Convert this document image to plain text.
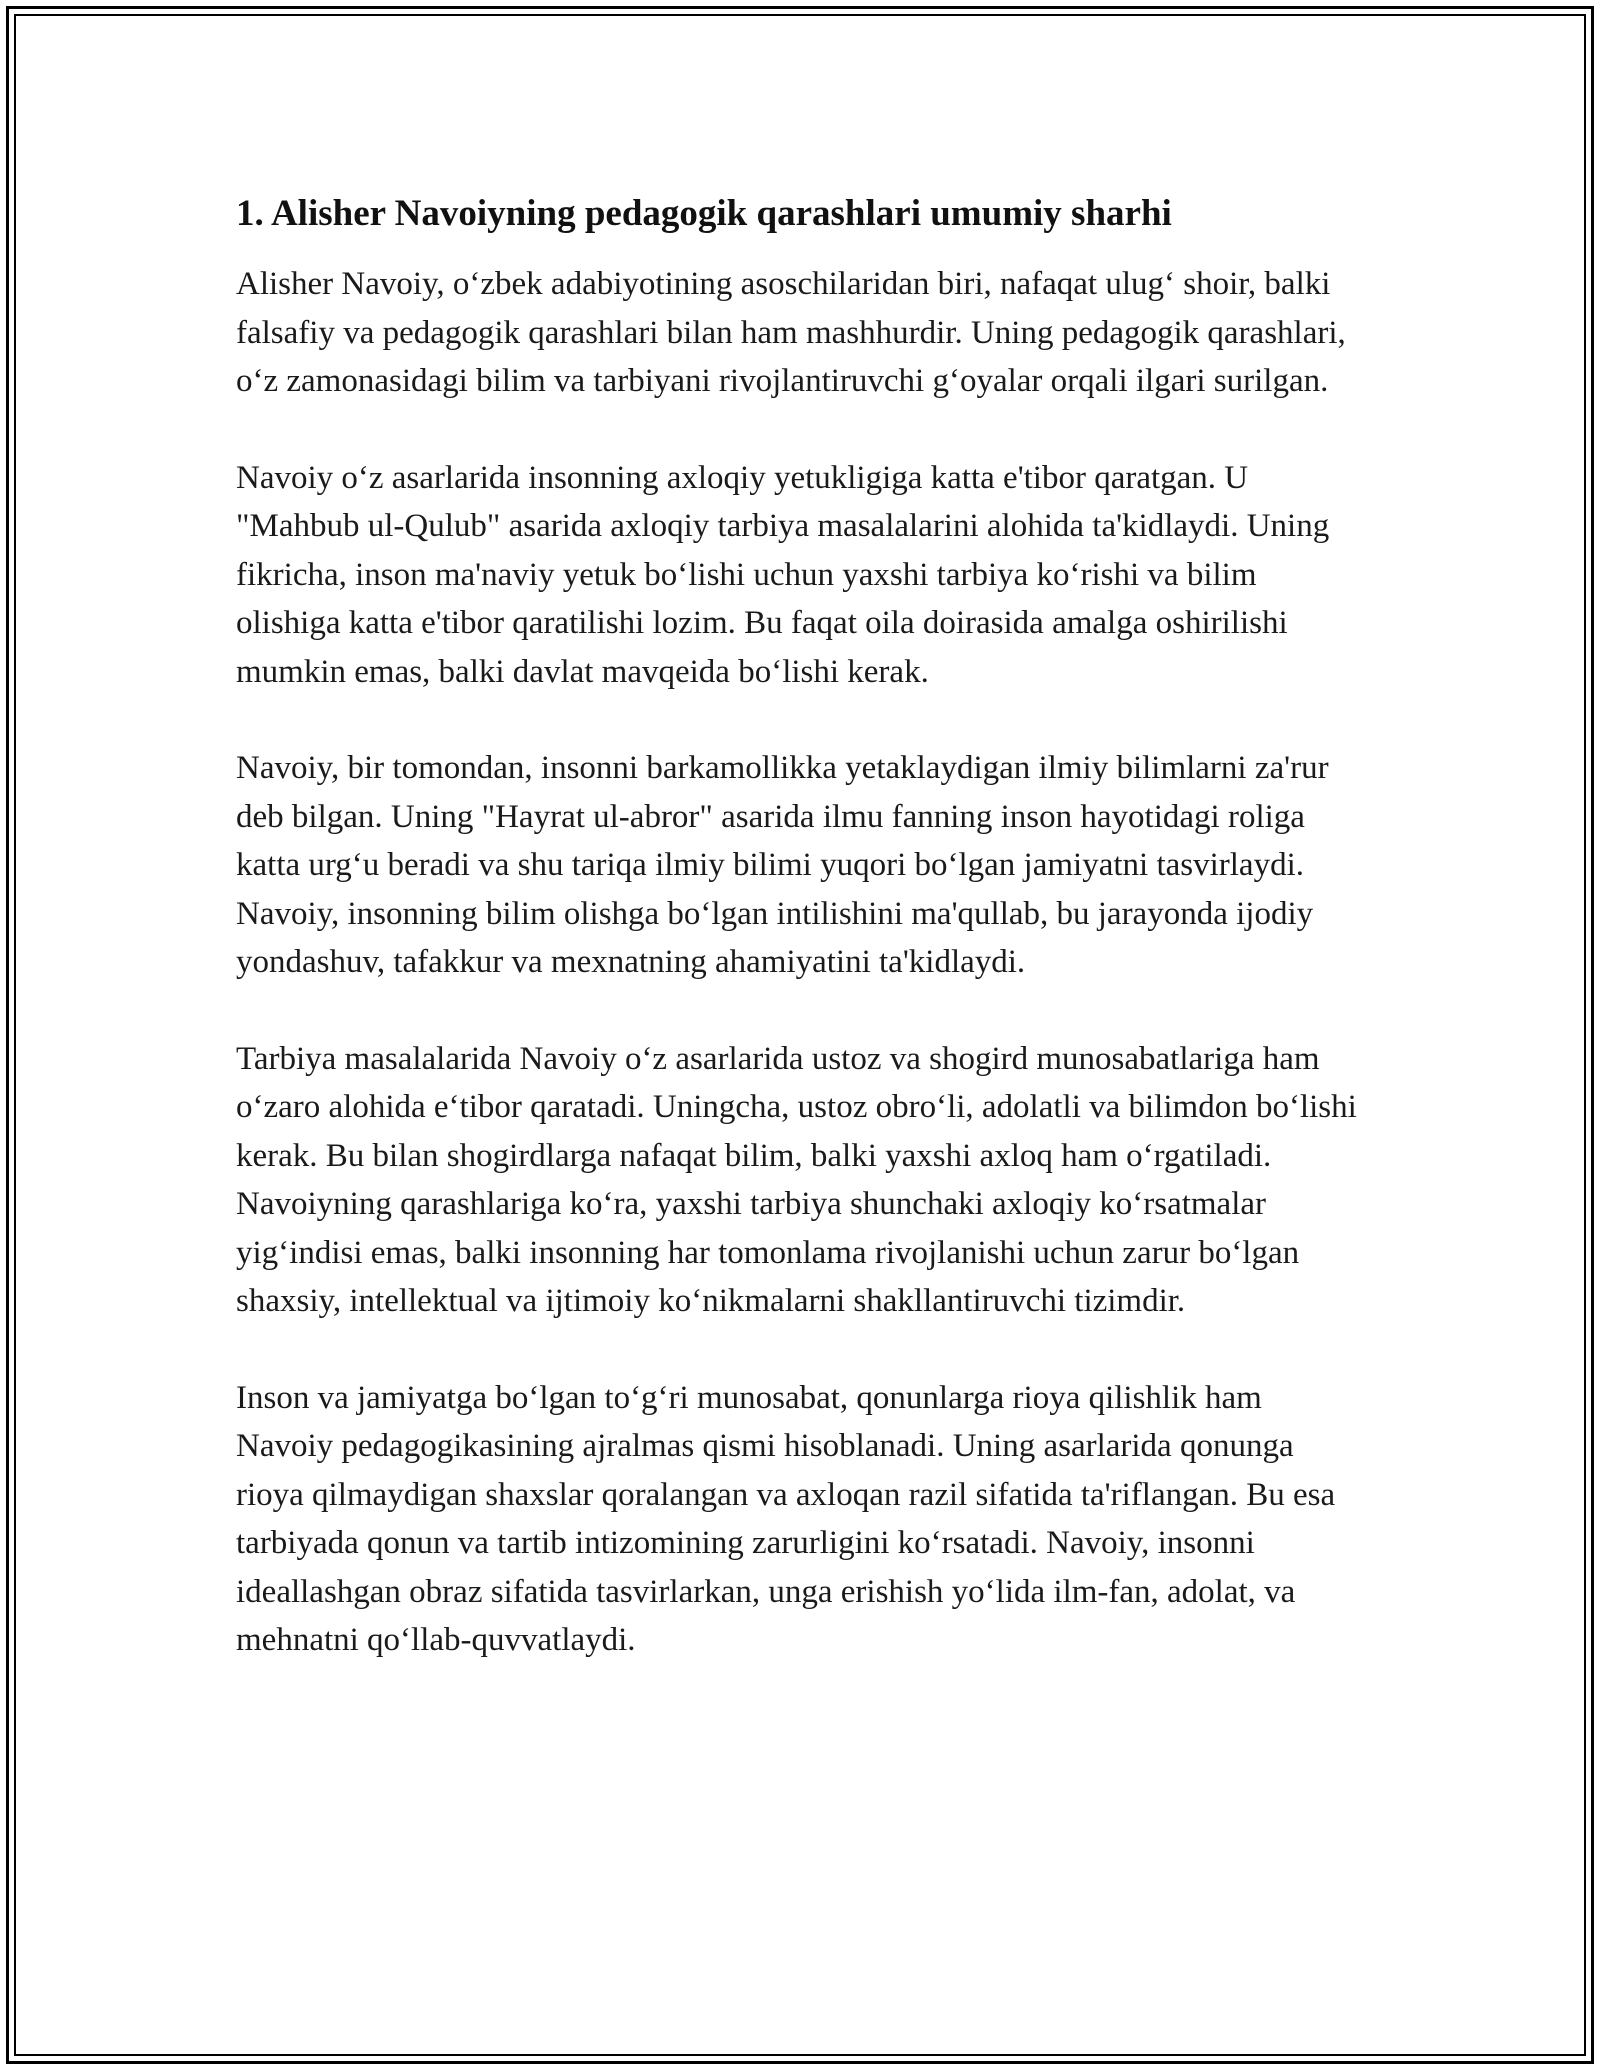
1. Alisher Navoiyning pedagogik qarashlari umumiy sharhi

Alisher Navoiy, oʻzbek adabiyotining asoschilaridan biri, nafaqat ulugʻ shoir, balki falsafiy va pedagogik qarashlari bilan ham mashhurdir. Uning pedagogik qarashlari, oʻz zamonasidagi bilim va tarbiyani rivojlantiruvchi gʻoyalar orqali ilgari surilgan.

Navoiy oʻz asarlarida insonning axloqiy yetukligiga katta e'tibor qaratgan. U "Mahbub ul-Qulub" asarida axloqiy tarbiya masalalarini alohida ta'kidlaydi. Uning fikricha, inson ma'naviy yetuk boʻlishi uchun yaxshi tarbiya koʻrishi va bilim olishiga katta e'tibor qaratilishi lozim. Bu faqat oila doirasida amalga oshirilishi mumkin emas, balki davlat mavqeida boʻlishi kerak.

Navoiy, bir tomondan, insonni barkamollikka yetaklaydigan ilmiy bilimlarni za'rur deb bilgan. Uning "Hayrat ul-abror" asarida ilmu fanning inson hayotidagi roliga katta urgʻu beradi va shu tariqa ilmiy bilimi yuqori boʻlgan jamiyatni tasvirlaydi. Navoiy, insonning bilim olishga boʻlgan intilishini ma'qullab, bu jarayonda ijodiy yondashuv, tafakkur va mexnatning ahamiyatini ta'kidlaydi.

Tarbiya masalalarida Navoiy oʻz asarlarida ustoz va shogird munosabatlariga ham oʻzaro alohida eʻtibor qaratadi. Uningcha, ustoz obroʻli, adolatli va bilimdon boʻlishi kerak. Bu bilan shogirdlarga nafaqat bilim, balki yaxshi axloq ham oʻrgatiladi. Navoiyning qarashlariga koʻra, yaxshi tarbiya shunchaki axloqiy koʻrsatmalar yigʻindisi emas, balki insonning har tomonlama rivojlanishi uchun zarur boʻlgan shaxsiy, intellektual va ijtimoiy koʻnikmalarni shakllantiruvchi tizimdir.

Inson va jamiyatga boʻlgan toʻgʻri munosabat, qonunlarga rioya qilishlik ham Navoiy pedagogikasining ajralmas qismi hisoblanadi. Uning asarlarida qonunga rioya qilmaydigan shaxslar qoralangan va axloqan razil sifatida ta'riflangan. Bu esa tarbiyada qonun va tartib intizomining zarurligini koʻrsatadi. Navoiy, insonni ideallashgan obraz sifatida tasvirlarkan, unga erishish yoʻlida ilm-fan, adolat, va mehnatni qoʻllab-quvvatlaydi.
